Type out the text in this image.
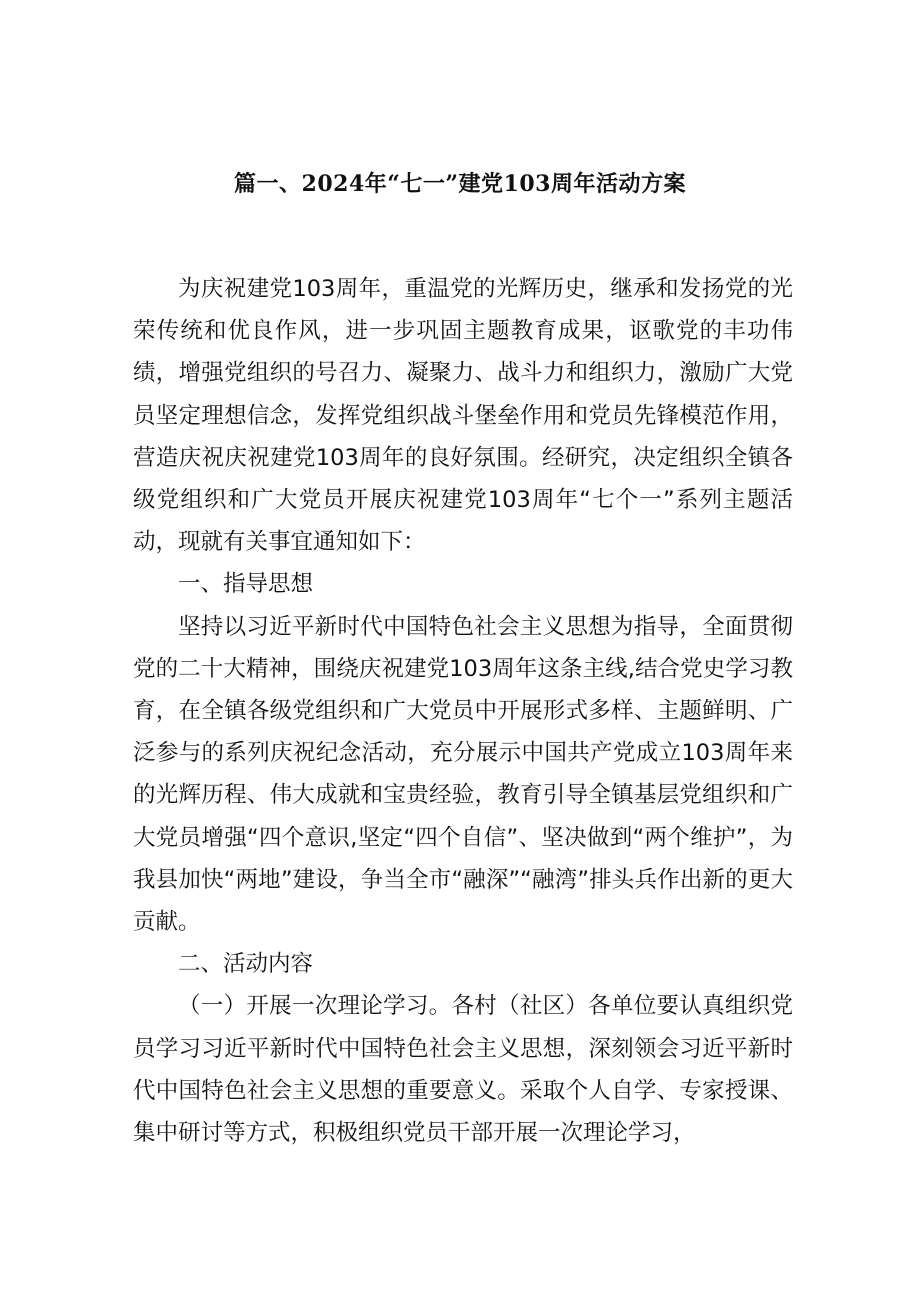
篇一、2024年“七一”建党103周年活动方案

为庆祝建党103周年，重温党的光辉历史，继承和发扬党的光荣传统和优良作风，进一步巩固主题教育成果，讴歌党的丰功伟绩，增强党组织的号召力、凝聚力、战斗力和组织力，激励广大党员坚定理想信念，发挥党组织战斗堡垒作用和党员先锋模范作用，营造庆祝庆祝建党103周年的良好氛围。经研究，决定组织全镇各级党组织和广大党员开展庆祝建党103周年“七个一”系列主题活动，现就有关事宜通知如下：

一、指导思想

坚持以习近平新时代中国特色社会主义思想为指导，全面贯彻党的二十大精神，围绕庆祝建党103周年这条主线,结合党史学习教育，在全镇各级党组织和广大党员中开展形式多样、主题鲜明、广泛参与的系列庆祝纪念活动，充分展示中国共产党成立103周年来的光辉历程、伟大成就和宝贵经验，教育引导全镇基层党组织和广大党员增强“四个意识,坚定“四个自信”、坚决做到“两个维护”，为我县加快“两地”建设，争当全市“融深”“融湾”排头兵作出新的更大贡献。

二、活动内容

（一）开展一次理论学习。各村（社区）各单位要认真组织党员学习习近平新时代中国特色社会主义思想，深刻领会习近平新时代中国特色社会主义思想的重要意义。采取个人自学、专家授课、集中研讨等方式，积极组织党员干部开展一次理论学习，
